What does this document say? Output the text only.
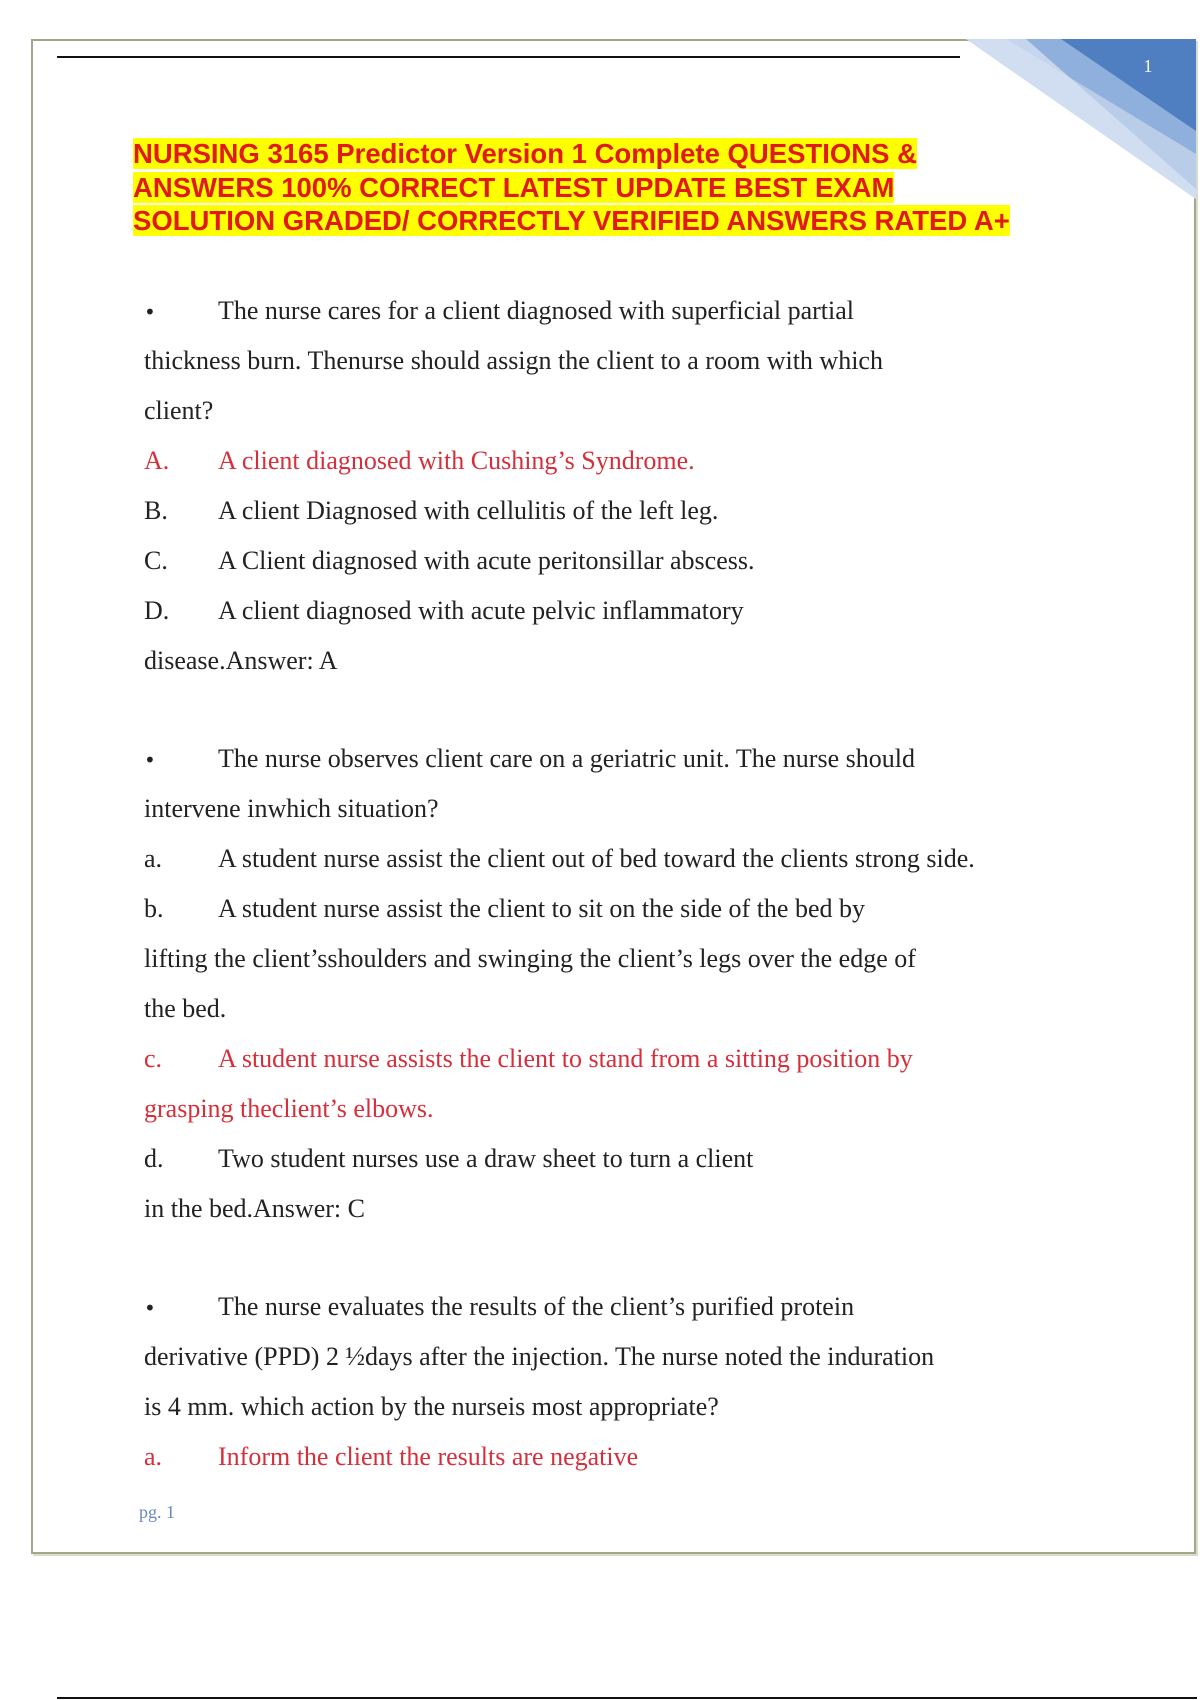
1
NURSING 3165 Predictor Version 1 Complete QUESTIONS &
ANSWERS 100% CORRECT LATEST UPDATE BEST EXAM
SOLUTION GRADED/ CORRECTLY VERIFIED ANSWERS RATED A+
• The nurse cares for a client diagnosed with superficial partial
thickness burn. Thenurse should assign the client to a room with which
client?
A. A client diagnosed with Cushing’s Syndrome.
B. A client Diagnosed with cellulitis of the left leg.
C. A Client diagnosed with acute peritonsillar abscess.
D. A client diagnosed with acute pelvic inflammatory
disease.Answer: A
• The nurse observes client care on a geriatric unit. The nurse should
intervene inwhich situation?
a. A student nurse assist the client out of bed toward the clients strong side.
b. A student nurse assist the client to sit on the side of the bed by
lifting the client’sshoulders and swinging the client’s legs over the edge of
the bed.
c. A student nurse assists the client to stand from a sitting position by
grasping theclient’s elbows.
d. Two student nurses use a draw sheet to turn a client
in the bed.Answer: C
• The nurse evaluates the results of the client’s purified protein
derivative (PPD) 2 ½days after the injection. The nurse noted the induration
is 4 mm. which action by the nurseis most appropriate?
a. Inform the client the results are negative
pg. 1
